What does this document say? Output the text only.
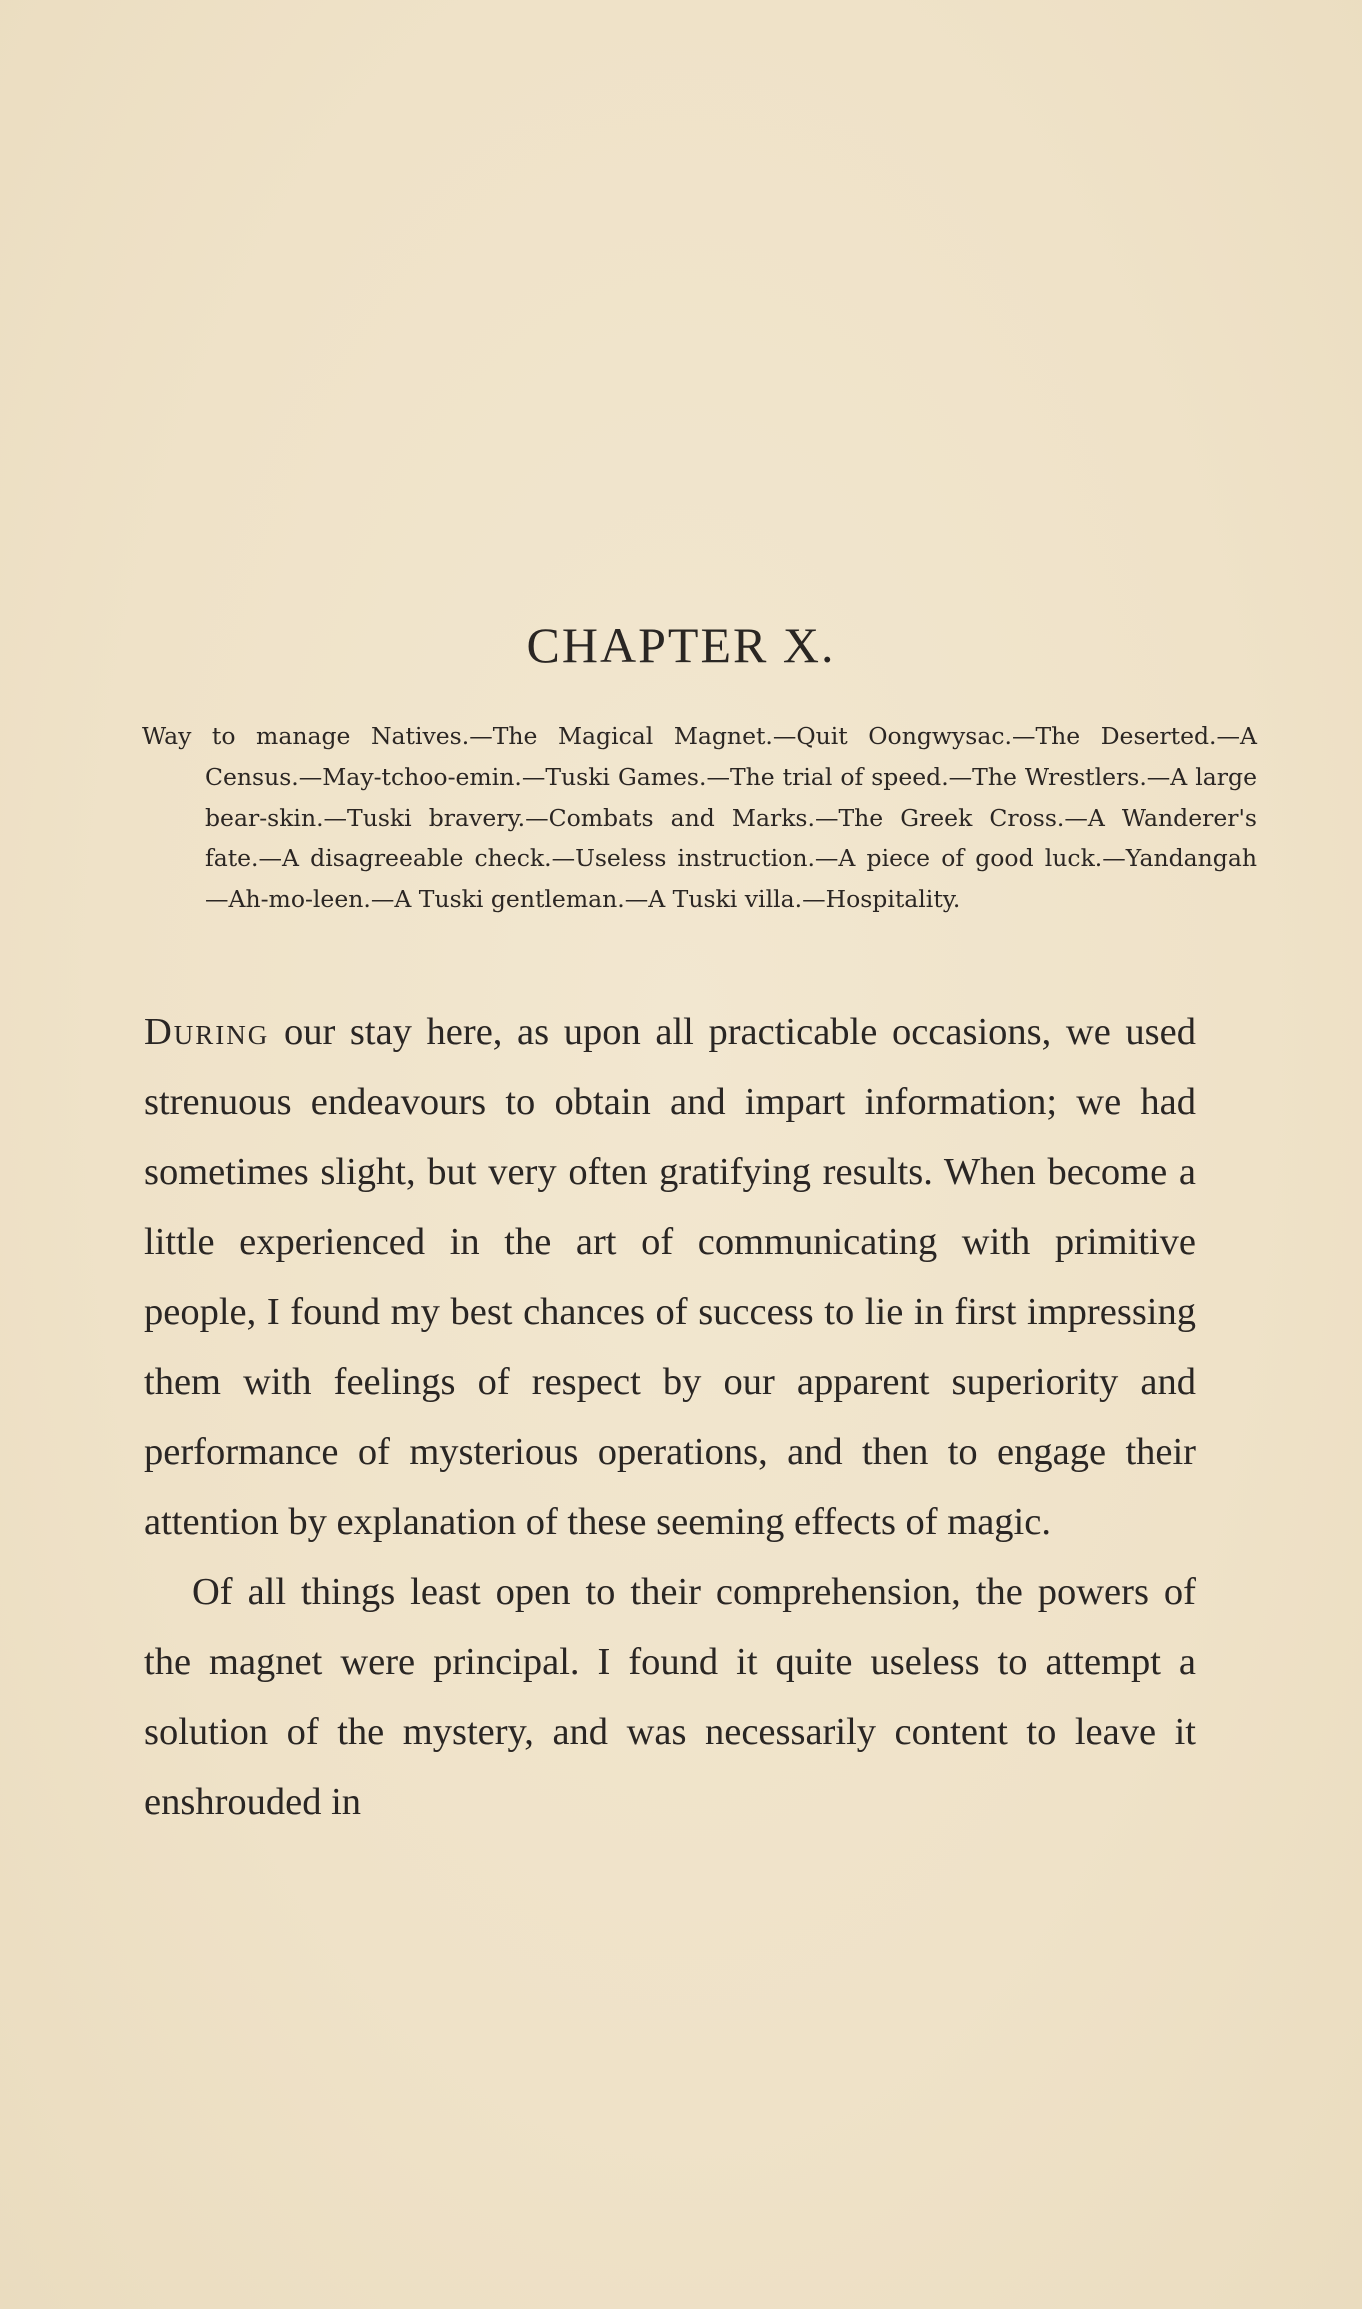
CHAPTER X.

Way to manage Natives.—The Magical Magnet.—Quit Oongwysac.—The Deserted.—A Census.—May-tchoo-emin.—Tuski Games.—The trial of speed.—The Wrestlers.—A large bear-skin.—Tuski bravery.—Combats and Marks.—The Greek Cross.—A Wanderer's fate.—A disagreeable check.—Useless instruction.—A piece of good luck.—Yandangah —Ah-mo-leen.—A Tuski gentleman.—A Tuski villa.—Hospitality.

During our stay here, as upon all practicable occasions, we used strenuous endeavours to obtain and impart information; we had sometimes slight, but very often gratifying results. When become a little experienced in the art of communicating with primitive people, I found my best chances of success to lie in first impressing them with feelings of respect by our apparent superiority and performance of mysterious operations, and then to engage their attention by explanation of these seeming effects of magic.

Of all things least open to their comprehension, the powers of the magnet were principal. I found it quite useless to attempt a solution of the mystery, and was necessarily content to leave it enshrouded in
